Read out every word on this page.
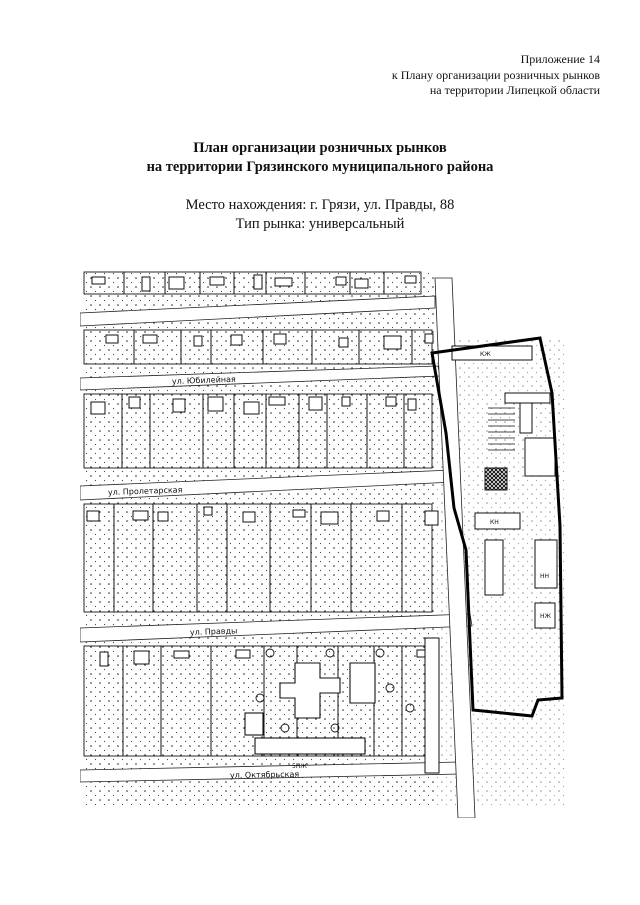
Приложение 14
к Плану организации розничных рынков
на территории Липецкой области
План организации розничных рынков
на территории Грязинского муниципального района
Место нахождения: г. Грязи, ул. Правды, 88
Тип рынка: универсальный
ул. Юбилейная
ул. Пролетарская
ул. Правды
ул. Октябрьская
5НЖ
КЖ
КН
НН
НЖ
